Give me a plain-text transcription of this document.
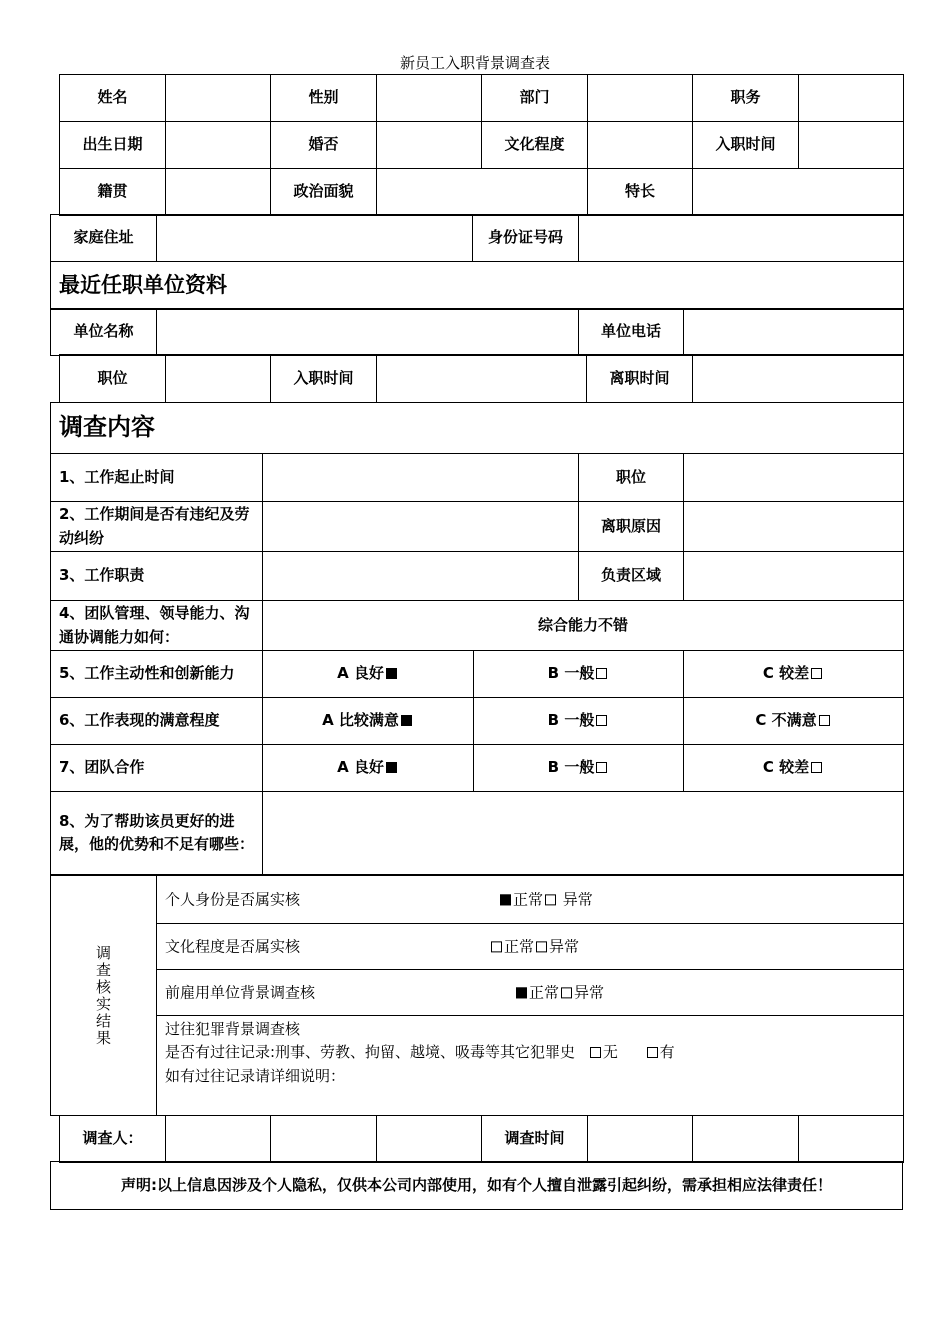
新员工入职背景调查表
姓名		性别		部门		职务	
出生日期		婚否		文化程度		入职时间	
籍贯		政治面貌			特长		
家庭住址		身份证号码	
最近任职单位资料
单位名称		单位电话	
职位		入职时间		离职时间	
调查内容				
1、工作起止时间			职位	
2、工作期间是否有违纪及劳动纠纷			离职原因	
3、工作职责			负责区域	
4、团队管理、领导能力、沟通协调能力如何：	综合能力不错			
5、工作主动性和创新能力	A 良好	B 一般		C 较差
6、工作表现的满意程度	A 比较满意	B 一般		C 不满意
7、团队合作	A 良好	B 一般		C 较差
8、为了帮助该员更好的进展，他的优势和不足有哪些：				
调查核实结果

个人身份是否属实核	正常 异常

文化程度是否属实核	正常 异常

前雇用单位背景调查核	正常 异常

过往犯罪背景调查核
是否有过往记录:刑事、劳教、拘留、越境、吸毒等其它犯罪史 无	有
如有过往记录请详细说明：
调查人：				调查时间			
声明:以上信息因涉及个人隐私，仅供本公司内部使用，如有个人擅自泄露引起纠纷，需承担相应法律责任！
